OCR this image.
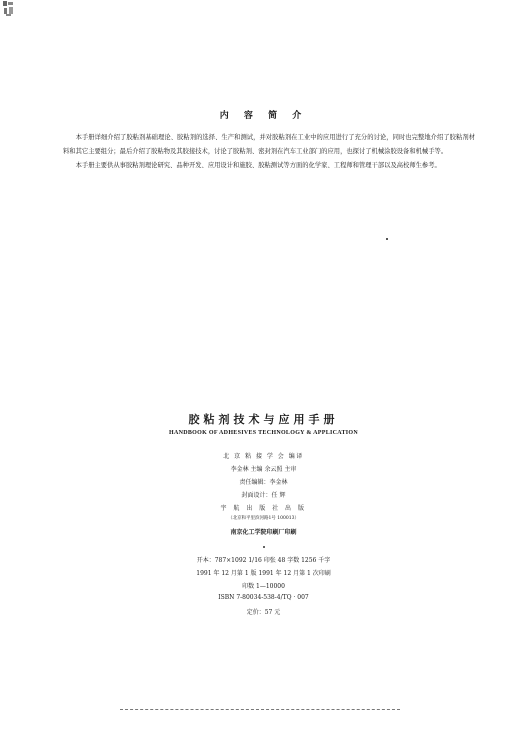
内 容 简 介

本手册详细介绍了胶粘剂基础理论、胶粘剂的选择、生产和测试，并对胶粘剂在工业中的应用进行了充分的讨论，同时也完整地介绍了胶粘剂材料和其它主要组分；最后介绍了胶粘物及其胶接技术，讨论了胶粘剂、密封剂在汽车工业部门的应用，也探讨了机械涂胶设备和机械手等。

本手册主要供从事胶粘剂理论研究、品种开发、应用设计和施胶、胶粘测试等方面的化学家、工程师和管理干部以及高校师生参考。

胶粘剂技术与应用手册
HANDBOOK OF ADHESIVES TECHNOLOGY & APPLICATION
北 京 粘 接 学 会 编译
李金林 主编 余云照 主审
责任编辑：李金林
封面设计：任 辉
宇 航 出 版 社 出 版
（北京和平里滨河路1号 100013）
南京化工学院印刷厂印刷
开本：787×1092 1/16 印张 48 字数 1256 千字
1991 年 12 月第 1 版 1991 年 12 月第 1 次印刷
印数 1—10000
ISBN 7-80034-538-4/TQ · 007
定价：57 元
